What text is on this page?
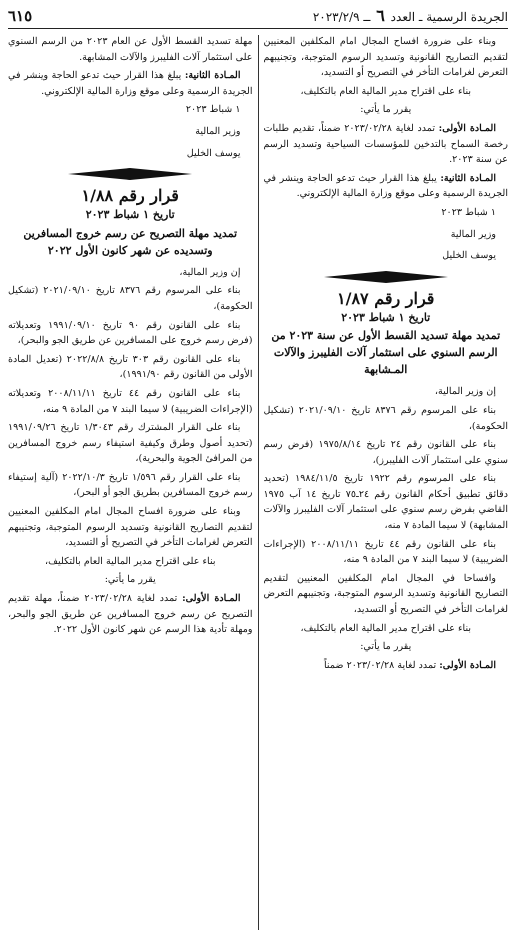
الجريدة الرسمية ـ العدد ٦ ــ ٢٠٢٣/٢/٩
٦١٥

وبناء على ضرورة افساح المجال امام المكلفين المعنيين لتقديم التصاريح القانونية وتسديد الرسوم المتوجبة، وتجنيبهم التعرض لغرامات التأخر في التصريح أو التسديد،

بناء على اقتراح مدير المالية العام بالتكليف،

يقرر ما يأتي:

المـادة الأولى: تمدد لغاية ٢٠٢٣/٠٢/٢٨ ضمناً، تقديم طلبات رخصة السماح بالتدخين للمؤسسات السياحية وتسديد الرسم عن سنة ٢٠٢٣.

المـادة الثانية: يبلغ هذا القرار حيث تدعو الحاجة وينشر في الجريدة الرسمية وعلى موقع وزارة المالية الإلكتروني.

١ شباط ٢٠٢٣
وزير المالية
يوسف الخليل
قرار رقم ١/٨٧
تاريخ ١ شباط ٢٠٢٣
تمديد مهلة تسديد القسط الأول عن سنة ٢٠٢٣ من الرسم السنوي على استثمار آلات الفليبرز والآلات المـشابهة

إن وزير المالية،

بناء على المرسوم رقم ٨٣٧٦ تاريخ ٢٠٢١/٠٩/١٠ (تشكيل الحكومة)،

بناء على القانون رقم ٢٤ تاريخ ١٩٧٥/٨/١٤ (فرض رسم سنوي على استثمار آلات الفليبرز)،

بناء على المرسوم رقم ١٩٢٢ تاريخ ١٩٨٤/١١/٥ (تحديد دقائق تطبيق أحكام القانون رقم ٢٤ـ٧٥ تاريخ ١٤ آب ١٩٧٥ القاضي بفرض رسم سنوي على استثمار آلات الفليبرز والآلات المشابهة) لا سيما المادة ٧ منه،

بناء على القانون رقم ٤٤ تاريخ ٢٠٠٨/١١/١١ (الإجراءات الضريبية) لا سيما البند ٧ من المادة ٩ منه،

وافساحا في المجال امام المكلفين المعنيين لتقديم التصاريح القانونية وتسديد الرسوم المتوجبة، وتجنيبهم التعرض لغرامات التأخر في التصريح أو التسديد،

بناء على اقتراح مدير المالية العام بالتكليف،

يقرر ما يأتي:

المـادة الأولى: تمدد لغاية ٢٠٢٣/٠٢/٢٨ ضمناً

مهلة تسديد القسط الأول عن العام ٢٠٢٣ من الرسم السنوي على استثمار آلات الفليبرز والآلات المشابهة.

المـادة الثانية: يبلغ هذا القرار حيث تدعو الحاجة وينشر في الجريدة الرسمية وعلى موقع وزارة المالية الإلكتروني.

١ شباط ٢٠٢٣
وزير المالية
يوسف الخليل
قرار رقم ١/٨٨
تاريخ ١ شباط ٢٠٢٣
تمديد مهلة التصريح عن رسم خروج المسافرين وتسديده عن شهر كانون الأول ٢٠٢٢

إن وزير المالية،

بناء على المرسوم رقم ٨٣٧٦ تاريخ ٢٠٢١/٠٩/١٠ (تشكيل الحكومة)،

بناء على القانون رقم ٩٠ تاريخ ١٩٩١/٠٩/١٠ وتعديلاته (فرض رسم خروج على المسافرين عن طريق الجو والبحر)،

بناء على القانون رقم ٣٠٣ تاريخ ٢٠٢٢/٨/٨ (تعديل المادة الأولى من القانون رقم ١٩٩١/٩٠)،

بناء على القانون رقم ٤٤ تاريخ ٢٠٠٨/١١/١١ وتعديلاته (الإجراءات الضريبية) لا سيما البند ٧ من المادة ٩ منه،

بناء على القرار المشترك رقم ١/٣٠٤٣ تاريخ ١٩٩١/٠٩/٢٦ (تحديد أصول وطرق وكيفية استيفاء رسم خروج المسافرين من المرافئ الجوية والبحرية)،

بناء على القرار رقم ١/٥٩٦ تاريخ ٢٠٢٢/١٠/٣ (آلية إستيفاء رسم خروج المسافرين بطريق الجو أو البحر)،

وبناء على ضرورة افساح المجال امام المكلفين المعنيين لتقديم التصاريح القانونية وتسديد الرسوم المتوجبة، وتجنيبهم التعرض لغرامات التأخر في التصريح أو التسديد،

بناء على اقتراح مدير المالية العام بالتكليف،

يقرر ما يأتي:

المـادة الأولى: تمدد لغاية ٢٠٢٣/٠٢/٢٨ ضمناً، مهلة تقديم التصريح عن رسم خروج المسافرين عن طريق الجو والبحر، ومهلة تأدية هذا الرسم عن شهر كانون الأول ٢٠٢٢.
